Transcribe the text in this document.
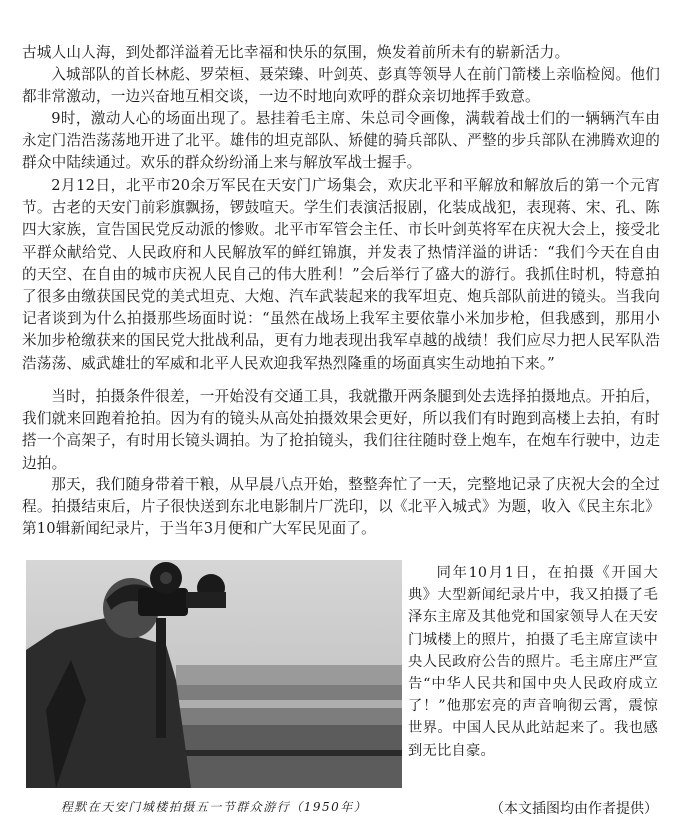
古城人山人海，到处都洋溢着无比幸福和快乐的氛围，焕发着前所未有的崭新活力。

入城部队的首长林彪、罗荣桓、聂荣臻、叶剑英、彭真等领导人在前门箭楼上亲临检阅。他们都非常激动，一边兴奋地互相交谈，一边不时地向欢呼的群众亲切地挥手致意。

9时，激动人心的场面出现了。悬挂着毛主席、朱总司令画像，满载着战士们的一辆辆汽车由永定门浩浩荡荡地开进了北平。雄伟的坦克部队、矫健的骑兵部队、严整的步兵部队在沸腾欢迎的群众中陆续通过。欢乐的群众纷纷涌上来与解放军战士握手。

2月12日，北平市20余万军民在天安门广场集会，欢庆北平和平解放和解放后的第一个元宵节。古老的天安门前彩旗飘扬，锣鼓喧天。学生们表演活报剧，化装成战犯，表现蒋、宋、孔、陈四大家族，宣告国民党反动派的惨败。北平市军管会主任、市长叶剑英将军在庆祝大会上，接受北平群众献给党、人民政府和人民解放军的鲜红锦旗，并发表了热情洋溢的讲话：“我们今天在自由的天空、在自由的城市庆祝人民自己的伟大胜利！”会后举行了盛大的游行。我抓住时机，特意拍了很多由缴获国民党的美式坦克、大炮、汽车武装起来的我军坦克、炮兵部队前进的镜头。当我向记者谈到为什么拍摄那些场面时说：“虽然在战场上我军主要依靠小米加步枪，但我感到，那用小米加步枪缴获来的国民党大批战利品，更有力地表现出我军卓越的战绩！我们应尽力把人民军队浩浩荡荡、威武雄壮的军威和北平人民欢迎我军热烈隆重的场面真实生动地拍下来。”

当时，拍摄条件很差，一开始没有交通工具，我就撒开两条腿到处去选择拍摄地点。开拍后，我们就来回跑着抢拍。因为有的镜头从高处拍摄效果会更好，所以我们有时跑到高楼上去拍，有时搭一个高架子，有时用长镜头调拍。为了抢拍镜头，我们往往随时登上炮车，在炮车行驶中，边走边拍。

那天，我们随身带着干粮，从早晨八点开始，整整奔忙了一天，完整地记录了庆祝大会的全过程。拍摄结束后，片子很快送到东北电影制片厂洗印，以《北平入城式》为题，收入《民主东北》第10辑新闻纪录片，于当年3月便和广大军民见面了。

同年10月1日，在拍摄《开国大典》大型新闻纪录片中，我又拍摄了毛泽东主席及其他党和国家领导人在天安门城楼上的照片，拍摄了毛主席宣读中央人民政府公告的照片。毛主席庄严宣告“中华人民共和国中央人民政府成立了！”他那宏亮的声音响彻云霄，震惊世界。中国人民从此站起来了。我也感到无比自豪。

程默在天安门城楼拍摄五一节群众游行（1950年）	（本文插图均由作者提供）
